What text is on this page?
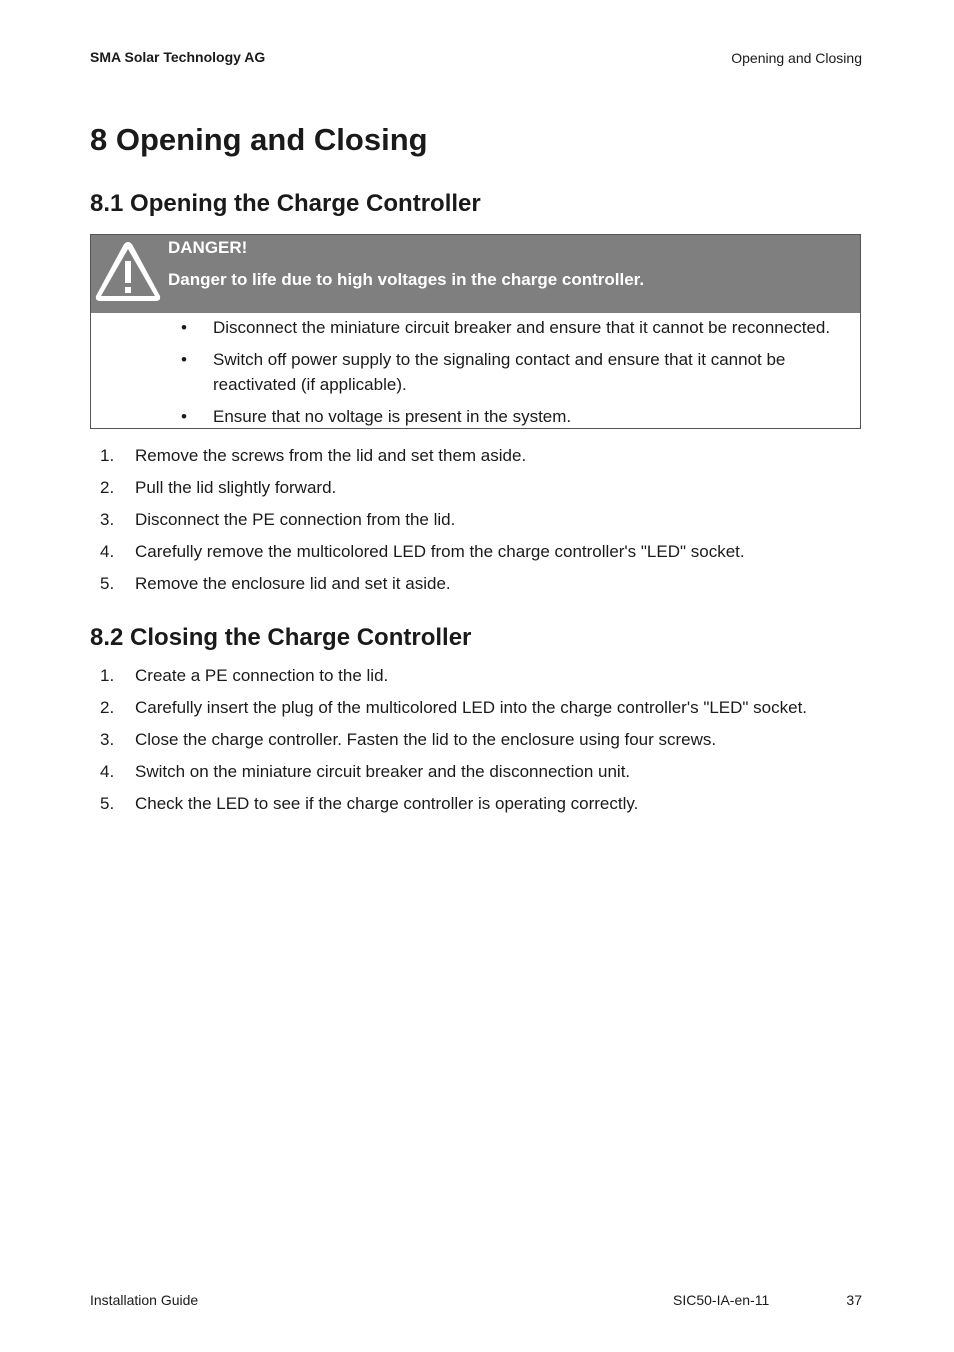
SMA Solar Technology AG	Opening and Closing
8 Opening and Closing
8.1 Opening the Charge Controller
DANGER!
Danger to life due to high voltages in the charge controller.
• Disconnect the miniature circuit breaker and ensure that it cannot be reconnected.
• Switch off power supply to the signaling contact and ensure that it cannot be reactivated (if applicable).
• Ensure that no voltage is present in the system.
1. Remove the screws from the lid and set them aside.
2. Pull the lid slightly forward.
3. Disconnect the PE connection from the lid.
4. Carefully remove the multicolored LED from the charge controller's "LED" socket.
5. Remove the enclosure lid and set it aside.
8.2 Closing the Charge Controller
1. Create a PE connection to the lid.
2. Carefully insert the plug of the multicolored LED into the charge controller's "LED" socket.
3. Close the charge controller. Fasten the lid to the enclosure using four screws.
4. Switch on the miniature circuit breaker and the disconnection unit.
5. Check the LED to see if the charge controller is operating correctly.
Installation Guide	SIC50-IA-en-11	37
